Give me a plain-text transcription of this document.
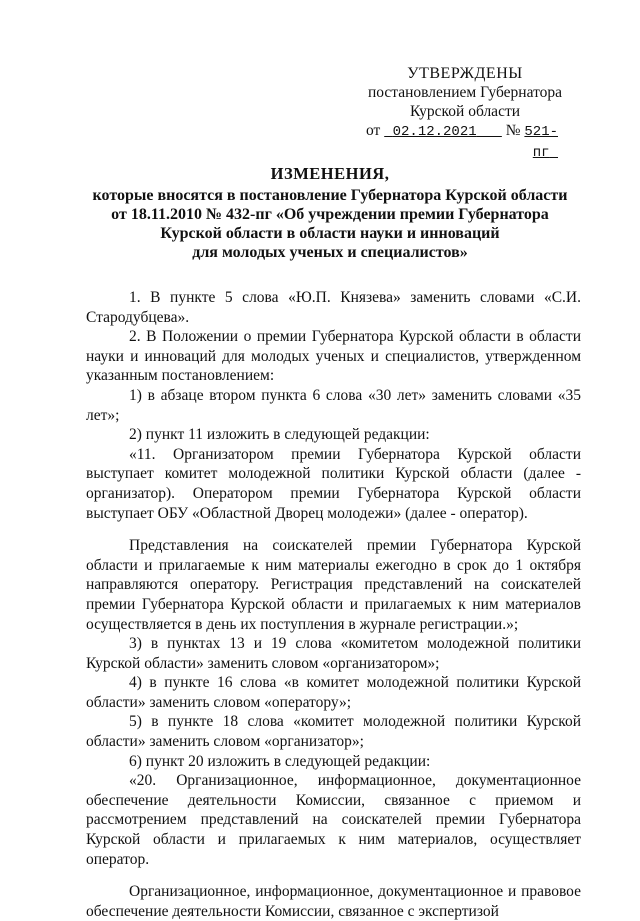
УТВЕРЖДЕНЫ
постановлением Губернатора
Курской области
от 02.12.2021 № 521-пг
ИЗМЕНЕНИЯ,
которые вносятся в постановление Губернатора Курской области
от 18.11.2010 № 432-пг «Об учреждении премии Губернатора
Курской области в области науки и инноваций
для молодых ученых и специалистов»

1. В пункте 5 слова «Ю.П. Князева» заменить словами «С.И. Стародубцева».

2. В Положении о премии Губернатора Курской области в области науки и инноваций для молодых ученых и специалистов, утвержденном указанным постановлением:

1) в абзаце втором пункта 6 слова «30 лет» заменить словами «35 лет»;

2) пункт 11 изложить в следующей редакции:

«11. Организатором премии Губернатора Курской области выступает комитет молодежной политики Курской области (далее - организатор). Оператором премии Губернатора Курской области выступает ОБУ «Областной Дворец молодежи» (далее - оператор).

Представления на соискателей премии Губернатора Курской области и прилагаемые к ним материалы ежегодно в срок до 1 октября направляются оператору. Регистрация представлений на соискателей премии Губернатора Курской области и прилагаемых к ним материалов осуществляется в день их поступления в журнале регистрации.»;

3) в пунктах 13 и 19 слова «комитетом молодежной политики Курской области» заменить словом «организатором»;

4) в пункте 16 слова «в комитет молодежной политики Курской области» заменить словом «оператору»;

5) в пункте 18 слова «комитет молодежной политики Курской области» заменить словом «организатор»;

6) пункт 20 изложить в следующей редакции:

«20. Организационное, информационное, документационное обеспечение деятельности Комиссии, связанное с приемом и рассмотрением представлений на соискателей премии Губернатора Курской области и прилагаемых к ним материалов, осуществляет оператор.

Организационное, информационное, документационное и правовое обеспечение деятельности Комиссии, связанное с экспертизой
